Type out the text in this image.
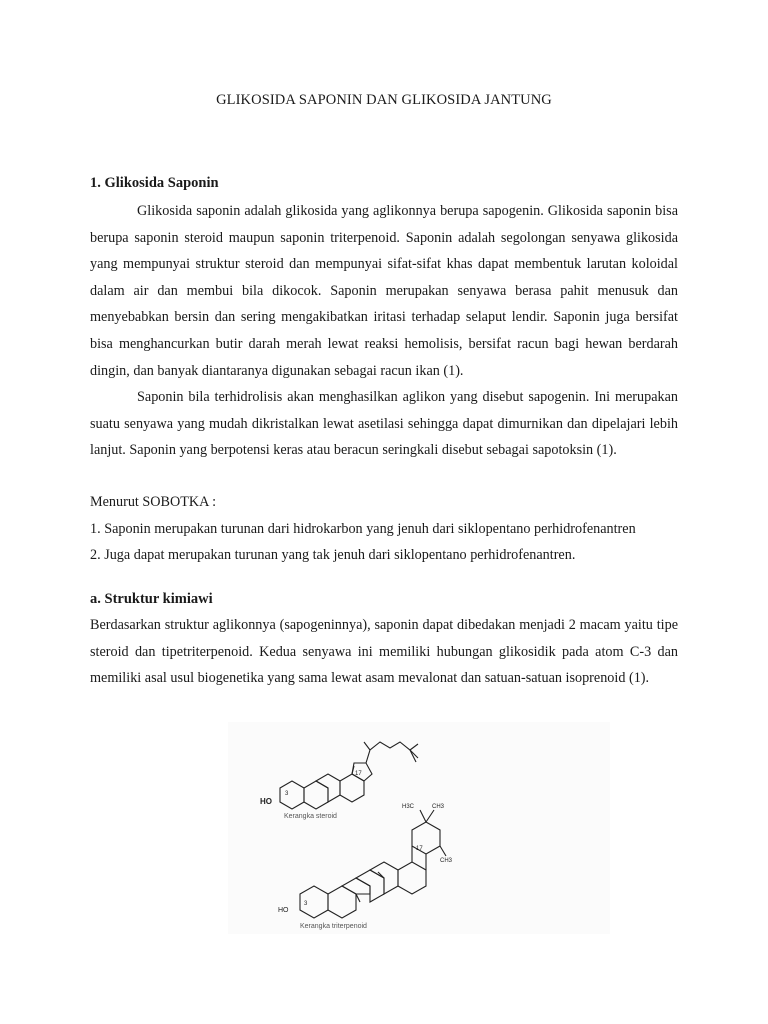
GLIKOSIDA SAPONIN DAN GLIKOSIDA JANTUNG
1. Glikosida Saponin

Glikosida saponin adalah glikosida yang aglikonnya berupa sapogenin. Glikosida saponin bisa berupa saponin steroid maupun saponin triterpenoid. Saponin adalah segolongan senyawa glikosida yang mempunyai struktur steroid dan mempunyai sifat-sifat khas dapat membentuk larutan koloidal dalam air dan membui bila dikocok. Saponin merupakan senyawa berasa pahit menusuk dan menyebabkan bersin dan sering mengakibatkan iritasi terhadap selaput lendir. Saponin juga bersifat bisa menghancurkan butir darah merah lewat reaksi hemolisis, bersifat racun bagi hewan berdarah dingin, dan banyak diantaranya digunakan sebagai racun ikan (1).

Saponin bila terhidrolisis akan menghasilkan aglikon yang disebut sapogenin. Ini merupakan suatu senyawa yang mudah dikristalkan lewat asetilasi sehingga dapat dimurnikan dan dipelajari lebih lanjut. Saponin yang berpotensi keras atau beracun seringkali disebut sebagai sapotoksin (1).

Menurut SOBOTKA :
1. Saponin merupakan turunan dari hidrokarbon yang jenuh dari siklopentano perhidrofenantren
2. Juga dapat merupakan turunan yang tak jenuh dari siklopentano perhidrofenantren.
a. Struktur kimiawi

Berdasarkan struktur aglikonnya (sapogeninnya), saponin dapat dibedakan menjadi 2 macam yaitu tipe steroid dan tipetriterpenoid. Kedua senyawa ini memiliki hubungan glikosidik pada atom C-3 dan memiliki asal usul biogenetika yang sama lewat asam mevalonat dan satuan-satuan isoprenoid (1).

HO
3
17
Kerangka steroid
HO
3
17
H3C	CH3
CH3
Kerangka triterpenoid
